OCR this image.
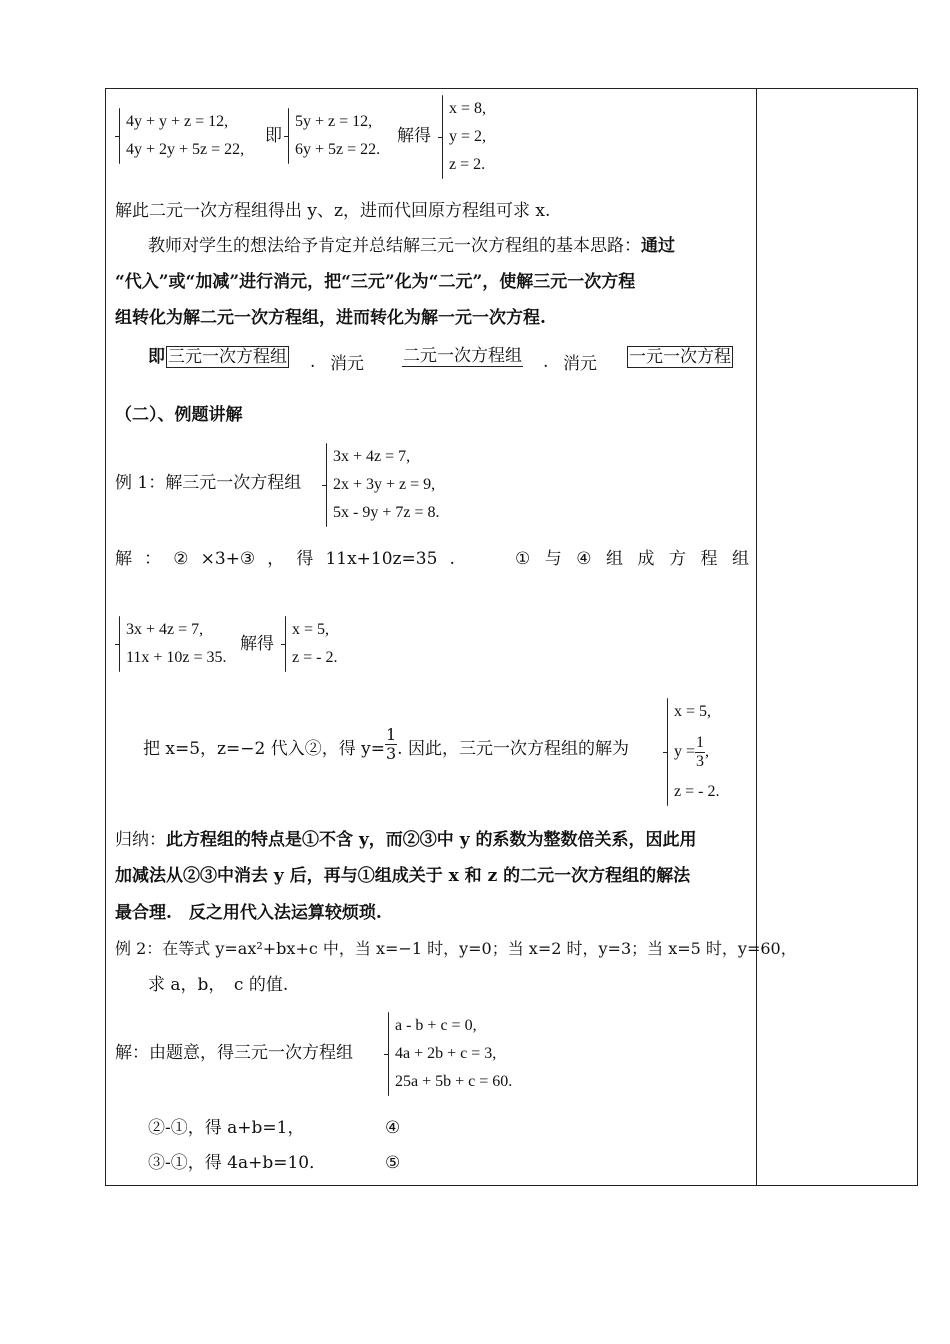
4y + y + z = 12,
4y + 2y + 5z = 22,
即
5y + z = 12,
6y + 5z = 22.
解得
x = 8,
y = 2,
z = 2.
解此二元一次方程组得出 y、z，进而代回原方程组可求 x.
教师对学生的想法给予肯定并总结解三元一次方程组的基本思路：通过
“代入”或“加减”进行消元，把“三元”化为“二元”，使解三元一次方程
组转化为解二元一次方程组，进而转化为解一元一次方程.
即 三元一次方程组 . 消元 二元一次方程组 . 消元 一元一次方程
（二）、例题讲解
例 1：解三元一次方程组
3x + 4z = 7,
2x + 3y + z = 9,
5x - 9y + 7z = 8.
解 ： ② ×3+③ ， 得 11x+10z=35 .	① 与 ④ 组 成 方 程 组
3x + 4z = 7,
11x + 10z = 35.
解得
x = 5,
z = - 2.
把 x=5，z=−2 代入②，得 $y= \frac{1}{3}$ . 因此，三元一次方程组的解为
x = 5,
$y = \frac{1}{3}$ ,
z = - 2.
归纳：此方程组的特点是①不含 y，而②③中 y 的系数为整数倍关系，因此用
加减法从②③中消去 y 后，再与①组成关于 x 和 z 的二元一次方程组的解法
最合理.　反之用代入法运算较烦琐.
例 2：在等式 y=ax²+bx+c 中，当 x=−1 时，y=0；当 x=2 时，y=3；当 x=5 时，y=60，
求 a，b，　c 的值.
解：由题意，得三元一次方程组
a - b + c = 0,
4a + 2b + c = 3,
25a + 5b + c = 60.
②-①，得 a+b=1，	④
③-①，得 4a+b=10．	⑤
